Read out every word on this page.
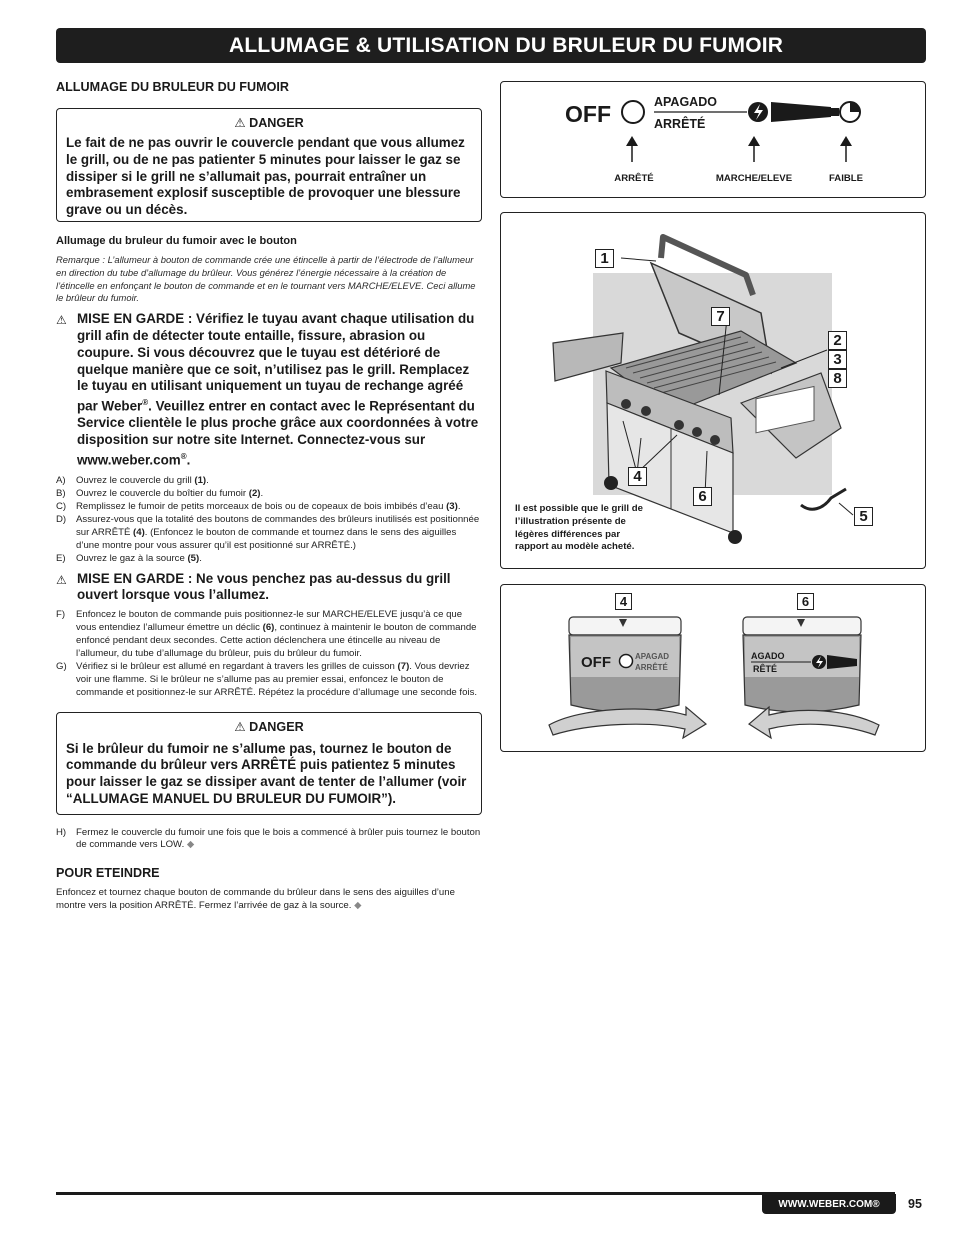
ALLUMAGE & UTILISATION DU BRULEUR DU FUMOIR

ALLUMAGE DU BRULEUR DU FUMOIR

⚠ DANGER
Le fait de ne pas ouvrir le couvercle pendant que vous allumez le grill, ou de ne pas patienter 5 minutes pour laisser le gaz se dissiper si le grill ne s’allumait pas, pourrait entraîner un embrasement explosif susceptible de provoquer une blessure grave ou un décès.

Allumage du bruleur du fumoir avec le bouton

Remarque : L’allumeur à bouton de commande crée une étincelle à partir de l’électrode de l’allumeur en direction du tube d’allumage du brûleur. Vous générez l’énergie nécessaire à la création de l’étincelle en enfonçant le bouton de commande et en le tournant vers MARCHE/ELEVE. Ceci allume le brûleur du fumoir.
⚠ MISE EN GARDE : Vérifiez le tuyau avant chaque utilisation du grill afin de détecter toute entaille, fissure, abrasion ou coupure. Si vous découvrez que le tuyau est détérioré de quelque manière que ce soit, n’utilisez pas le grill. Remplacez le tuyau en utilisant uniquement un tuyau de rechange agréé par Weber®. Veuillez entrer en contact avec le Représentant du Service clientèle le plus proche grâce aux coordonnées à votre disposition sur notre site Internet. Connectez-vous sur www.weber.com®.
A)	Ouvrez le couvercle du grill (1).
B)	Ouvrez le couvercle du boîtier du fumoir (2).
C)	Remplissez le fumoir de petits morceaux de bois ou de copeaux de bois imbibés d’eau (3).
D)	Assurez-vous que la totalité des boutons de commandes des brûleurs inutilisés est positionnée sur ARRÊTÉ (4). (Enfoncez le bouton de commande et tournez dans le sens des aiguilles d’une montre pour vous assurer qu’il est positionné sur ARRÊTÉ.)
E)	Ouvrez le gaz à la source (5).
⚠ MISE EN GARDE : Ne vous penchez pas au-dessus du grill ouvert lorsque vous l’allumez.
F)	Enfoncez le bouton de commande puis positionnez-le sur MARCHE/ELEVE jusqu’à ce que vous entendiez l’allumeur émettre un déclic (6), continuez à maintenir le bouton de commande enfoncé pendant deux secondes. Cette action déclenchera une étincelle au niveau de l’allumeur, du tube d’allumage du brûleur, puis du brûleur du fumoir.
G) Vérifiez si le brûleur est allumé en regardant à travers les grilles de cuisson (7). Vous devriez voir une flamme. Si le brûleur ne s’allume pas au premier essai, enfoncez le bouton de commande et positionnez-le sur ARRÊTÉ. Répétez la procédure d’allumage une seconde fois.
⚠ DANGER
Si le brûleur du fumoir ne s’allume pas, tournez le bouton de commande du brûleur vers ARRÊTÉ puis patientez 5 minutes pour laisser le gaz se dissiper avant de tenter de l’allumer (voir “ALLUMAGE MANUEL DU BRULEUR DU FUMOIR”).
H)	Fermez le couvercle du fumoir une fois que le bois a commencé à brûler puis tournez le bouton de commande vers LOW. ◆

POUR ETEINDRE

Enfoncez et tournez chaque bouton de commande du brûleur dans le sens des aiguilles d’une montre vers la position ARRÊTÉ. Fermez l’arrivée de gaz à la source. ◆
OFF	APAGADO
ARRÊTÉ
ARRÊTÉ	MARCHE/ELEVE	FAIBLE
1
7
2
3
8
4
6
5
Il est possible que le grill de l’illustration présente de légères différences par rapport au modèle acheté.
OFF	APAGAD
ARRÊTÉ
AGADO
RÊTÉ
4	6
WWW.WEBER.COM®	95
